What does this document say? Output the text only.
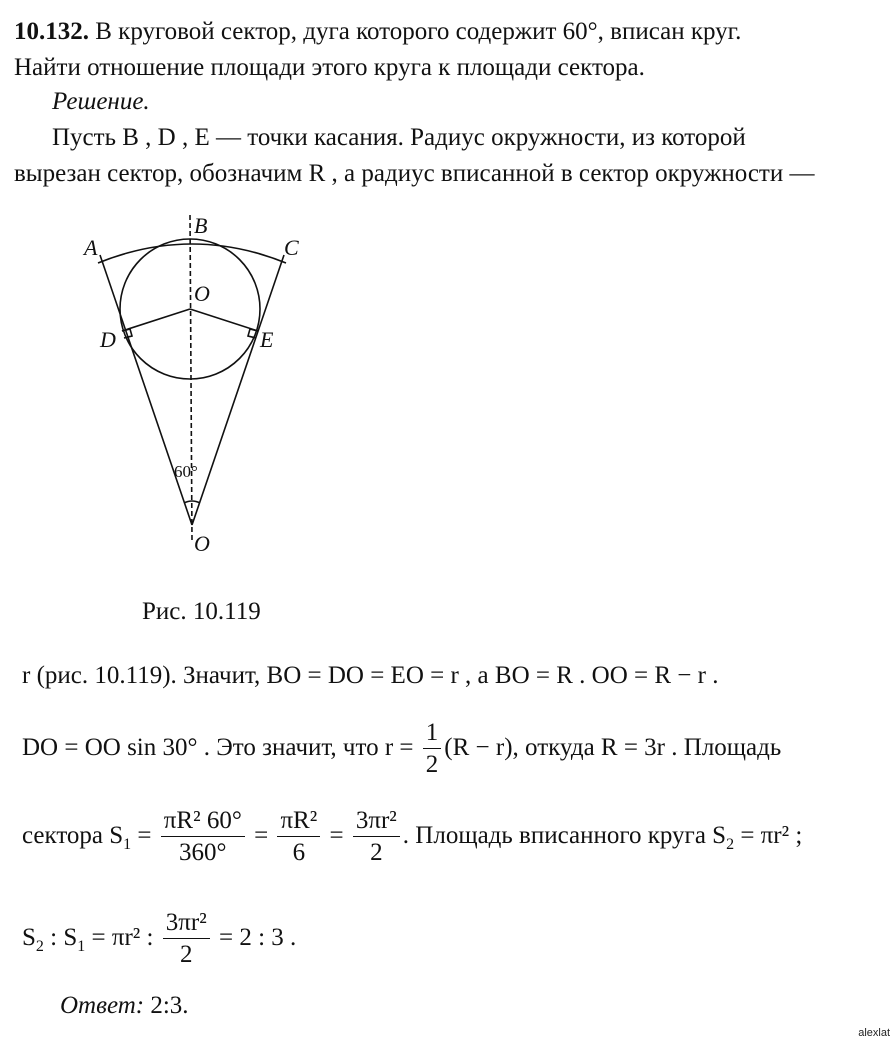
10.132. В круговой сектор, дуга которого содержит 60°, вписан круг.
Найти отношение площади этого круга к площади сектора.
Решение.
Пусть B , D , E — точки касания. Радиус окружности, из которой
вырезан сектор, обозначим R , а радиус вписанной в сектор окружности —
A
B
C
O
D	E
O
60°
Рис. 10.119
r (рис. 10.119). Значит, BO = DO = EO = r , а BO = R . OO = R − r .
DO = OO sin 30° . Это значит, что $r = \frac{1}{2} (R - r)$, откуда R = 3r . Площадь
сектора $S_1 = \frac{\text{πR² 60°}}{360^\circ} = \frac{\text{πR²}}{6} = \frac{\text{3πr²}}{2}$ . Площадь вписанного круга $S_2 = \pi r^2$ ;
$S_2$ : $S_1 = \pi r^2$ : $\frac{\text{3πr²}}{2} = 2$ : 3 .
Ответ: 2:3.
alexlat
